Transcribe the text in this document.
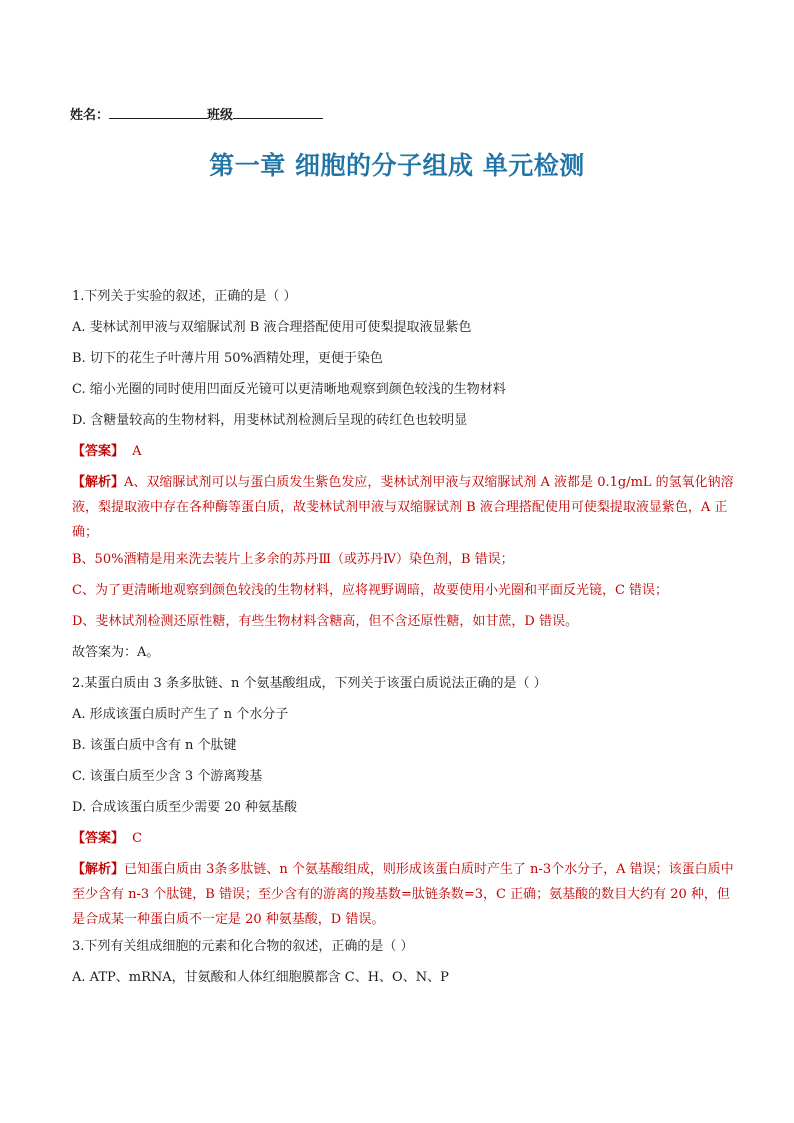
姓名：	班级
第一章 细胞的分子组成 单元检测
1.下列关于实验的叙述，正确的是（ ）
A. 斐林试剂甲液与双缩脲试剂 B 液合理搭配使用可使梨提取液显紫色
B. 切下的花生子叶薄片用 50%酒精处理，更便于染色
C. 缩小光圈的同时使用凹面反光镜可以更清晰地观察到颜色较浅的生物材料
D. 含糖量较高的生物材料，用斐林试剂检测后呈现的砖红色也较明显
【答案】 A
【解析】A、双缩脲试剂可以与蛋白质发生紫色发应，斐林试剂甲液与双缩脲试剂 A 液都是 0.1g/mL 的氢氧化钠溶液，梨提取液中存在各种酶等蛋白质，故斐林试剂甲液与双缩脲试剂 B 液合理搭配使用可使梨提取液显紫色，A 正确；
B、50%酒精是用来洗去装片上多余的苏丹Ⅲ（或苏丹Ⅳ）染色剂，B 错误；
C、为了更清晰地观察到颜色较浅的生物材料，应将视野调暗，故要使用小光圈和平面反光镜，C 错误；
D、斐林试剂检测还原性糖，有些生物材料含糖高，但不含还原性糖，如甘蔗，D 错误。
故答案为：A。
2.某蛋白质由 3 条多肽链、n 个氨基酸组成，下列关于该蛋白质说法正确的是（ ）
A. 形成该蛋白质时产生了 n 个水分子
B. 该蛋白质中含有 n 个肽键
C. 该蛋白质至少含 3 个游离羧基
D. 合成该蛋白质至少需要 20 种氨基酸
【答案】 C
【解析】已知蛋白质由 3条多肽链、n 个氨基酸组成，则形成该蛋白质时产生了 n-3个水分子，A 错误；该蛋白质中至少含有 n-3 个肽键，B 错误；至少含有的游离的羧基数=肽链条数=3，C 正确；氨基酸的数目大约有 20 种，但是合成某一种蛋白质不一定是 20 种氨基酸，D 错误。
3.下列有关组成细胞的元素和化合物的叙述，正确的是（ ）
A. ATP、mRNA，甘氨酸和人体红细胞膜都含 C、H、O、N、P
